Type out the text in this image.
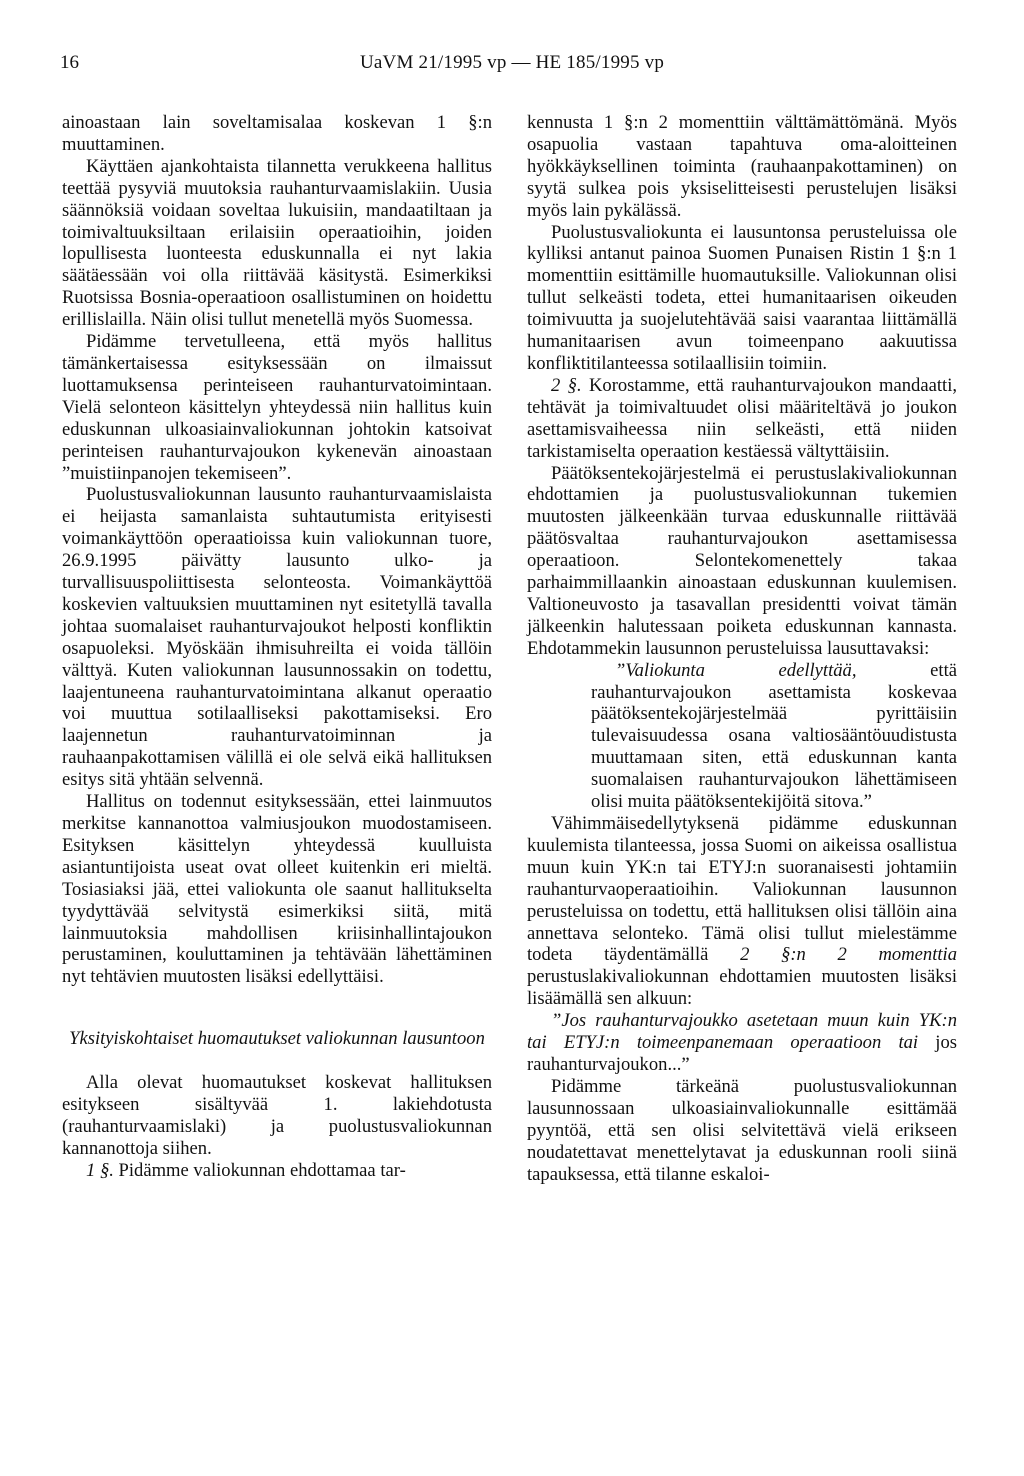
16	UaVM 21/1995 vp — HE 185/1995 vp

ainoastaan lain soveltamisalaa koskevan 1 §:n muuttaminen.

Käyttäen ajankohtaista tilannetta verukkeena hallitus teettää pysyviä muutoksia rauhanturvaamislakiin. Uusia säännöksiä voidaan soveltaa lukuisiin, mandaatiltaan ja toimivaltuuksiltaan erilaisiin operaatioihin, joiden lopullisesta luonteesta eduskunnalla ei nyt lakia säätäessään voi olla riittävää käsitystä. Esimerkiksi Ruotsissa Bosnia-operaatioon osallistuminen on hoidettu erillislailla. Näin olisi tullut menetellä myös Suomessa.

Pidämme tervetulleena, että myös hallitus tämänkertaisessa esityksessään on ilmaissut luottamuksensa perinteiseen rauhanturvatoimintaan. Vielä selonteon käsittelyn yhteydessä niin hallitus kuin eduskunnan ulkoasiainvaliokunnan johtokin katsoivat perinteisen rauhanturvajoukon kykenevän ainoastaan ”muistiinpanojen tekemiseen”.

Puolustusvaliokunnan lausunto rauhanturvaamislaista ei heijasta samanlaista suhtautumista erityisesti voimankäyttöön operaatioissa kuin valiokunnan tuore, 26.9.1995 päivätty lausunto ulko- ja turvallisuuspoliittisesta selonteosta. Voimankäyttöä koskevien valtuuksien muuttaminen nyt esitetyllä tavalla johtaa suomalaiset rauhanturvajoukot helposti konfliktin osapuoleksi. Myöskään ihmisuhreilta ei voida tällöin välttyä. Kuten valiokunnan lausunnossakin on todettu, laajentuneena rauhanturvatoimintana alkanut operaatio voi muuttua sotilaalliseksi pakottamiseksi. Ero laajennetun rauhanturvatoiminnan ja rauhaanpakottamisen välillä ei ole selvä eikä hallituksen esitys sitä yhtään selvennä.

Hallitus on todennut esityksessään, ettei lainmuutos merkitse kannanottoa valmiusjoukon muodostamiseen. Esityksen käsittelyn yhteydessä kuulluista asiantuntijoista useat ovat olleet kuitenkin eri mieltä. Tosiasiaksi jää, ettei valiokunta ole saanut hallitukselta tyydyttävää selvitystä esimerkiksi siitä, mitä lainmuutoksia mahdollisen kriisinhallintajoukon perustaminen, kouluttaminen ja tehtävään lähettäminen nyt tehtävien muutosten lisäksi edellyttäisi.

Yksityiskohtaiset huomautukset valiokunnan lausuntoon

Alla olevat huomautukset koskevat hallituksen esitykseen sisältyvää 1. lakiehdotusta (rauhanturvaamislaki) ja puolustusvaliokunnan kannanottoja siihen.

1 §. Pidämme valiokunnan ehdottamaa tar-

kennusta 1 §:n 2 momenttiin välttämättömänä. Myös osapuolia vastaan tapahtuva oma-aloitteinen hyökkäyksellinen toiminta (rauhaanpakottaminen) on syytä sulkea pois yksiselitteisesti perustelujen lisäksi myös lain pykälässä.

Puolustusvaliokunta ei lausuntonsa perusteluissa ole kylliksi antanut painoa Suomen Punaisen Ristin 1 §:n 1 momenttiin esittämille huomautuksille. Valiokunnan olisi tullut selkeästi todeta, ettei humanitaarisen oikeuden toimivuutta ja suojelutehtävää saisi vaarantaa liittämällä humanitaarisen avun toimeenpano aakuutissa konfliktitilanteessa sotilaallisiin toimiin.

2 §. Korostamme, että rauhanturvajoukon mandaatti, tehtävät ja toimivaltuudet olisi määriteltävä jo joukon asettamisvaiheessa niin selkeästi, että niiden tarkistamiselta operaation kestäessä vältyttäisiin.

Päätöksentekojärjestelmä ei perustuslakivaliokunnan ehdottamien ja puolustusvaliokunnan tukemien muutosten jälkeenkään turvaa eduskunnalle riittävää päätösvaltaa rauhanturvajoukon asettamisessa operaatioon. Selontekomenettely takaa parhaimmillaankin ainoastaan eduskunnan kuulemisen. Valtioneuvosto ja tasavallan presidentti voivat tämän jälkeenkin halutessaan poiketa eduskunnan kannasta. Ehdotammekin lausunnon perusteluissa lausuttavaksi:

”Valiokunta edellyttää, että rauhanturvajoukon asettamista koskevaa päätöksentekojärjestelmää pyrittäisiin tulevaisuudessa osana valtiosääntöuudistusta muuttamaan siten, että eduskunnan kanta suomalaisen rauhanturvajoukon lähettämiseen olisi muita päätöksentekijöitä sitova.”

Vähimmäisedellytyksenä pidämme eduskunnan kuulemista tilanteessa, jossa Suomi on aikeissa osallistua muun kuin YK:n tai ETYJ:n suoranaisesti johtamiin rauhanturvaoperaatioihin. Valiokunnan lausunnon perusteluissa on todettu, että hallituksen olisi tällöin aina annettava selonteko. Tämä olisi tullut mielestämme todeta täydentämällä 2 §:n 2 momenttia perustuslakivaliokunnan ehdottamien muutosten lisäksi lisäämällä sen alkuun:

”Jos rauhanturvajoukko asetetaan muun kuin YK:n tai ETYJ:n toimeenpanemaan operaatioon tai jos rauhanturvajoukon...”

Pidämme tärkeänä puolustusvaliokunnan lausunnossaan ulkoasiainvaliokunnalle esittämää pyyntöä, että sen olisi selvitettävä vielä erikseen noudatettavat menettelytavat ja eduskunnan rooli siinä tapauksessa, että tilanne eskaloi-
